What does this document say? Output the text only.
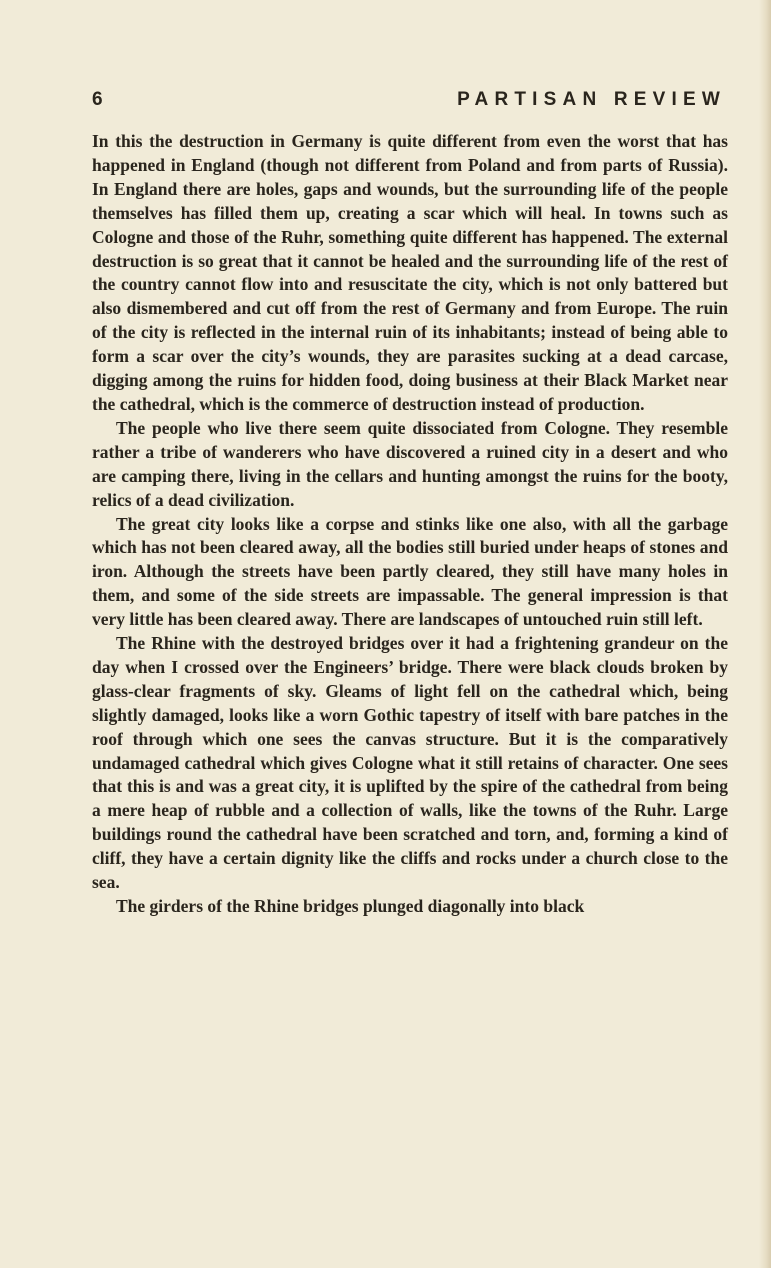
6	PARTISAN REVIEW

In this the destruction in Germany is quite different from even the worst that has happened in England (though not different from Poland and from parts of Russia). In England there are holes, gaps and wounds, but the surrounding life of the people themselves has filled them up, creating a scar which will heal. In towns such as Cologne and those of the Ruhr, something quite different has happened. The external destruction is so great that it cannot be healed and the surrounding life of the rest of the country cannot flow into and resuscitate the city, which is not only battered but also dismembered and cut off from the rest of Germany and from Europe. The ruin of the city is reflected in the internal ruin of its inhabitants; instead of being able to form a scar over the city’s wounds, they are parasites sucking at a dead carcase, digging among the ruins for hidden food, doing business at their Black Market near the cathedral, which is the commerce of destruction instead of production.

The people who live there seem quite dissociated from Cologne. They resemble rather a tribe of wanderers who have discovered a ruined city in a desert and who are camping there, living in the cellars and hunting amongst the ruins for the booty, relics of a dead civilization.

The great city looks like a corpse and stinks like one also, with all the garbage which has not been cleared away, all the bodies still buried under heaps of stones and iron. Although the streets have been partly cleared, they still have many holes in them, and some of the side streets are impassable. The general impression is that very little has been cleared away. There are landscapes of untouched ruin still left.

The Rhine with the destroyed bridges over it had a frightening grandeur on the day when I crossed over the Engineers’ bridge. There were black clouds broken by glass-clear fragments of sky. Gleams of light fell on the cathedral which, being slightly damaged, looks like a worn Gothic tapestry of itself with bare patches in the roof through which one sees the canvas structure. But it is the comparatively undamaged cathedral which gives Cologne what it still retains of character. One sees that this is and was a great city, it is uplifted by the spire of the cathedral from being a mere heap of rubble and a collection of walls, like the towns of the Ruhr. Large buildings round the cathedral have been scratched and torn, and, forming a kind of cliff, they have a certain dignity like the cliffs and rocks under a church close to the sea.

The girders of the Rhine bridges plunged diagonally into black
